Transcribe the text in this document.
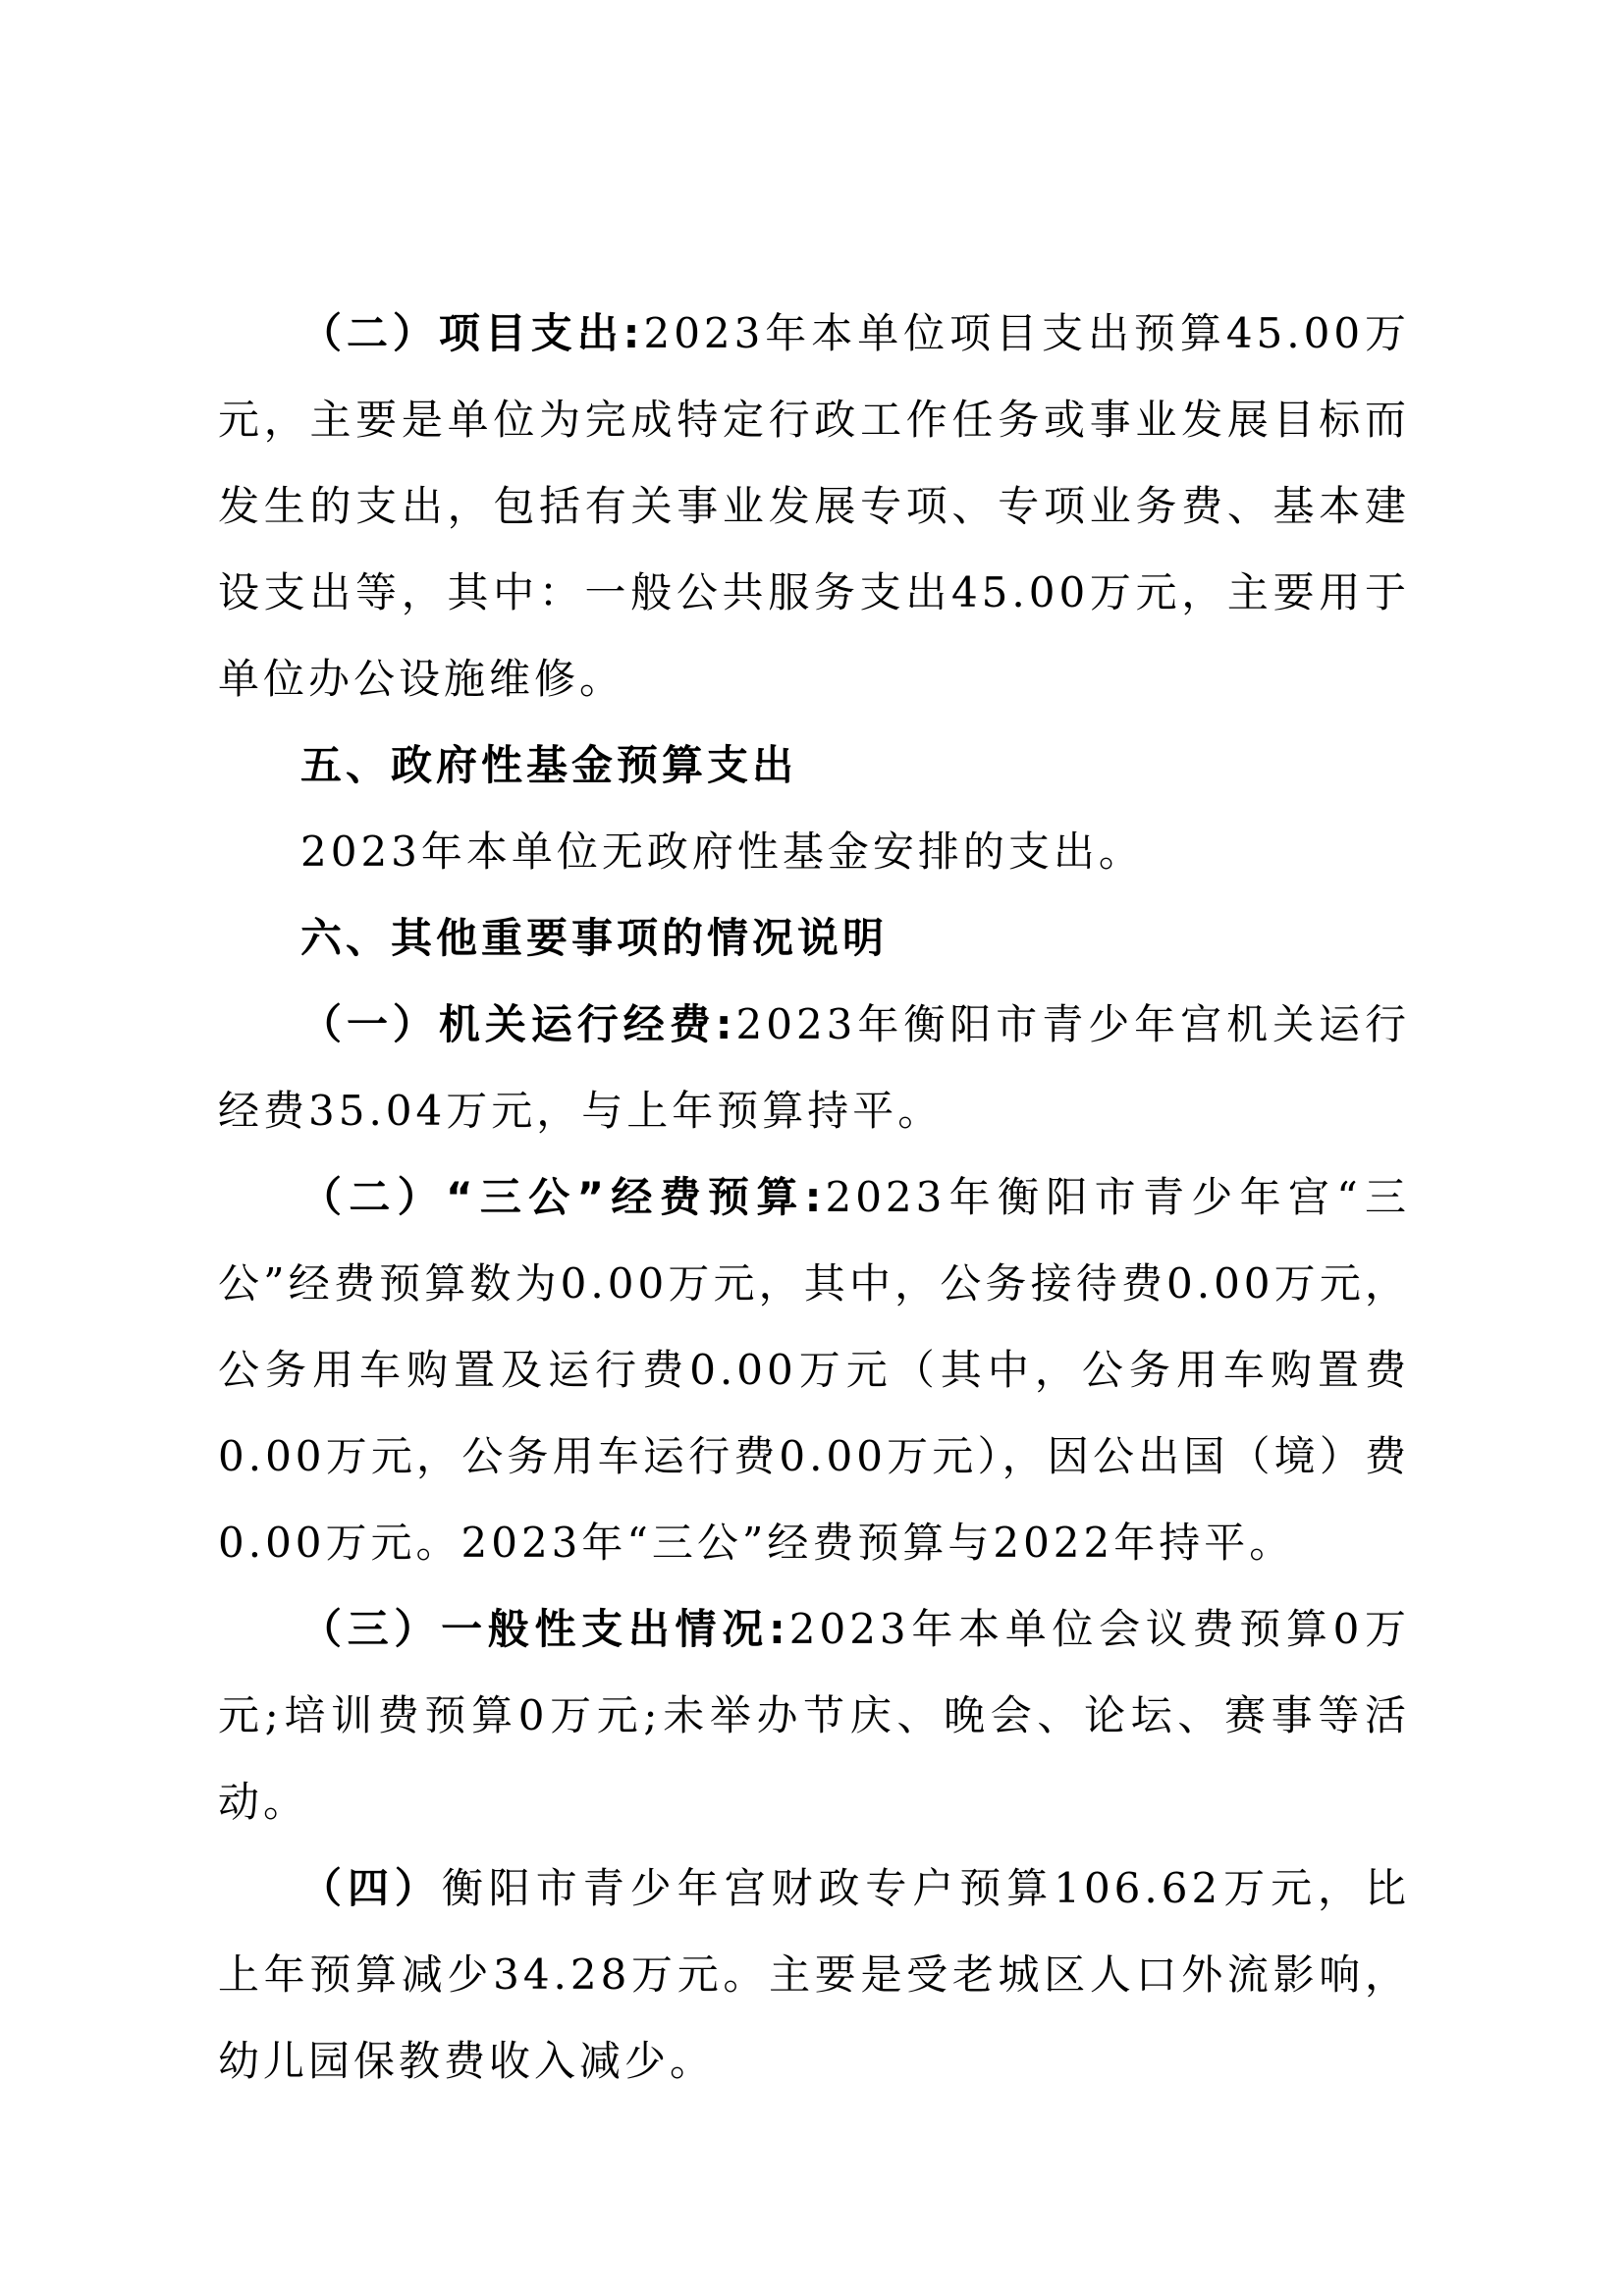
（二）项目支出:2023年本单位项目支出预算45.00万元，主要是单位为完成特定行政工作任务或事业发展目标而发生的支出，包括有关事业发展专项、专项业务费、基本建设支出等，其中：一般公共服务支出45.00万元，主要用于单位办公设施维修。

五、政府性基金预算支出

2023年本单位无政府性基金安排的支出。

六、其他重要事项的情况说明

（一）机关运行经费:2023年衡阳市青少年宫机关运行经费35.04万元，与上年预算持平。

（二）“三公”经费预算:2023年衡阳市青少年宫“三公”经费预算数为0.00万元，其中，公务接待费0.00万元，公务用车购置及运行费0.00万元（其中，公务用车购置费0.00万元，公务用车运行费0.00万元），因公出国（境）费0.00万元。2023年“三公”经费预算与2022年持平。

（三）一般性支出情况:2023年本单位会议费预算0万元;培训费预算0万元;未举办节庆、晚会、论坛、赛事等活动。

（四）衡阳市青少年宫财政专户预算106.62万元，比上年预算减少34.28万元。主要是受老城区人口外流影响，幼儿园保教费收入减少。
